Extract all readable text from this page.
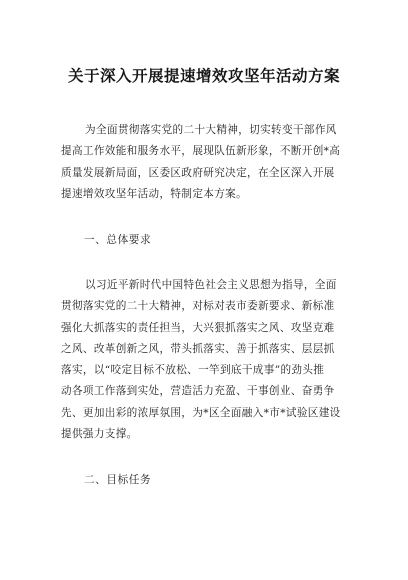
关于深入开展提速增效攻坚年活动方案
为全面贯彻落实党的二十大精神，切实转变干部作风
提高工作效能和服务水平，展现队伍新形象，不断开创*高
质量发展新局面，区委区政府研究决定，在全区深入开展
提速增效攻坚年活动，特制定本方案。
一、总体要求
以习近平新时代中国特色社会主义思想为指导，全面
贯彻落实党的二十大精神，对标对表市委新要求、新标准
强化大抓落实的责任担当，大兴狠抓落实之风、攻坚克难
之风、改革创新之风，带头抓落实、善于抓落实、层层抓
落实，以“咬定目标不放松、一竿到底干成事”的劲头推
动各项工作落到实处，营造活力充盈、干事创业、奋勇争
先、更加出彩的浓厚氛围，为*区全面融入*市*试验区建设
提供强力支撑。
二、目标任务
